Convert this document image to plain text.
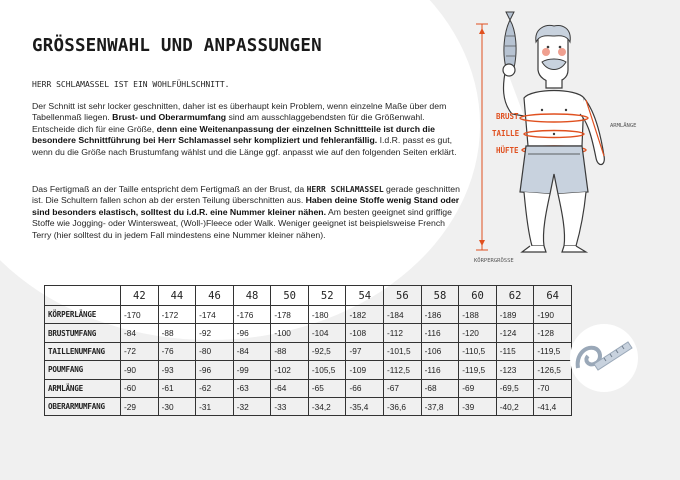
GRÖSSENWAHL UND ANPASSUNGEN

HERR SCHLAMASSEL IST EIN WOHLFÜHLSCHNITT.

Der Schnitt ist sehr locker geschnitten, daher ist es überhaupt kein Problem, wenn einzelne Maße über dem Tabellenmaß liegen. Brust- und Oberarmumfang sind am ausschlaggebendsten für die Größenwahl. Entscheide dich für eine Größe, denn eine Weitenanpassung der einzelnen Schnittteile ist durch die besondere Schnittführung bei Herr Schlamassel sehr kompliziert und fehleranfällig. I.d.R. passt es gut, wenn du die Größe nach Brustumfang wählst und die Länge ggf. anpasst wie auf den folgenden Seiten erklärt.

Das Fertigmaß an der Taille entspricht dem Fertigmaß an der Brust, da HERR SCHLAMASSEL gerade geschnitten ist. Die Schultern fallen schon ab der ersten Teilung überschnitten aus. Haben deine Stoffe wenig Stand oder sind besonders elastisch, solltest du i.d.R. eine Nummer kleiner nähen. Am besten geeignet sind griffige Stoffe wie Jogging- oder Wintersweat, (Woll-)Fleece oder Walk. Weniger geeignet ist beispielsweise French Terry (hier solltest du in jedem Fall mindestens eine Nummer kleiner nähen).

BRUST
TAILLE
HÜFTE
ARMLÄNGE
KÖRPERGRÖSSE
	42	44	46	48	50	52	54	56	58	60	62	64
KÖRPERLÄNGE	-170	-172	-174	-176	-178	-180	-182	-184	-186	-188	-189	-190
BRUSTUMFANG	-84	-88	-92	-96	-100	-104	-108	-112	-116	-120	-124	-128
TAILLENUMFANG	-72	-76	-80	-84	-88	-92,5	-97	-101,5	-106	-110,5	-115	-119,5
POUMFANG	-90	-93	-96	-99	-102	-105,5	-109	-112,5	-116	-119,5	-123	-126,5
ARMLÄNGE	-60	-61	-62	-63	-64	-65	-66	-67	-68	-69	-69,5	-70
OBERARMUMFANG	-29	-30	-31	-32	-33	-34,2	-35,4	-36,6	-37,8	-39	-40,2	-41,4
